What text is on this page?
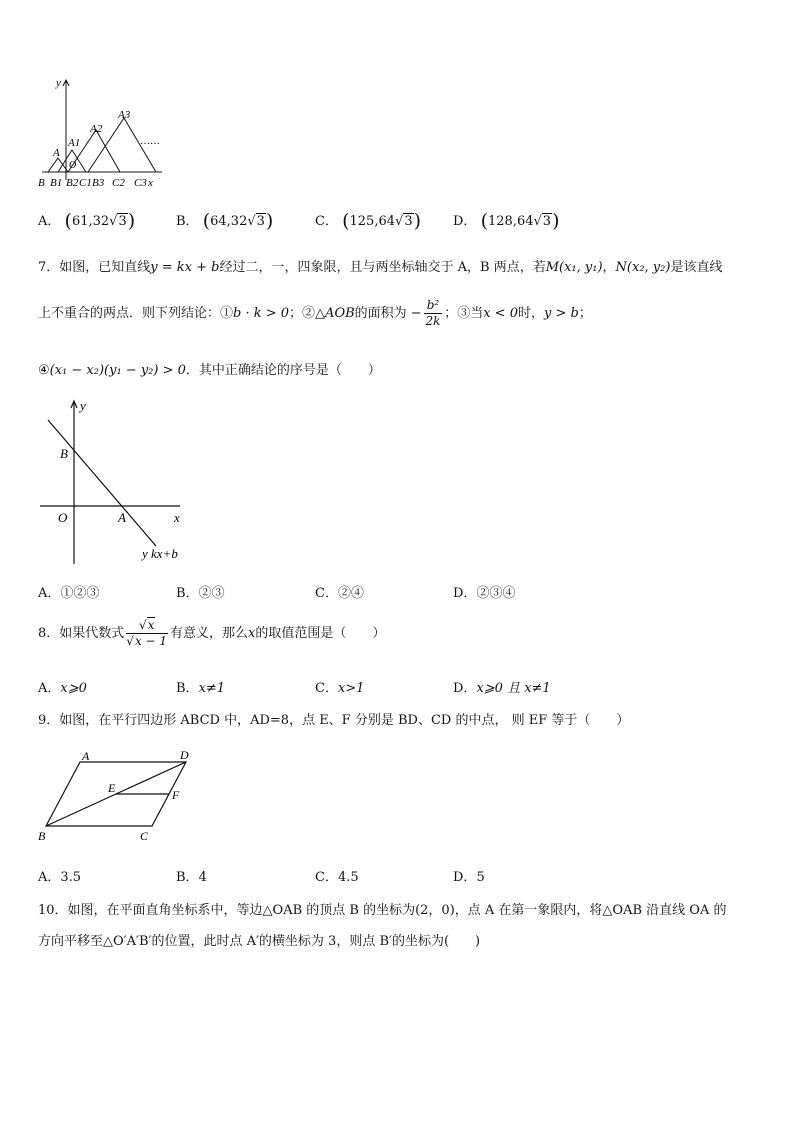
y
x
……
A
A1
A2
A3
O
B B1 B2 C1 B3 C2 C3
A． (61,32√3)	B． (64,32√3)	C． (125,64√3) D． (128,64√3)
7．如图，已知直线y = kx + b经过二，一，四象限，且与两坐标轴交于 A，B 两点，若M(x₁, y₁)，N(x₂, y₂)是该直线
上不重合的两点．则下列结论：①b · k > 0；②△AOB的面积为 − $\frac{\text{b²}}{2k}$ ；③当x < 0时，y > b；
④(x₁ − x₂)(y₁ − y₂) > 0．其中正确结论的序号是（　　）
y
x
B
O	A
y kx+b
A．①②③	B．②③	C．②④	D．②③④
8．如果代数式 $\frac{√x}{√x - 1}$ 有意义，那么x的取值范围是（　　）
A．x⩾0	B．x≠1	C．x>1	D．x⩾0 且 x≠1
9．如图，在平行四边形 ABCD 中，AD=8，点 E、F 分别是 BD、CD 的中点， 则 EF 等于（　　）
A	D
E	F
B	C
A．3.5	B．4	C．4.5	D．5
10．如图，在平面直角坐标系中，等边△OAB 的顶点 B 的坐标为(2，0)，点 A 在第一象限内，将△OAB 沿直线 OA 的
方向平移至△O′A′B′的位置，此时点 A′的横坐标为 3，则点 B′的坐标为(　　)
